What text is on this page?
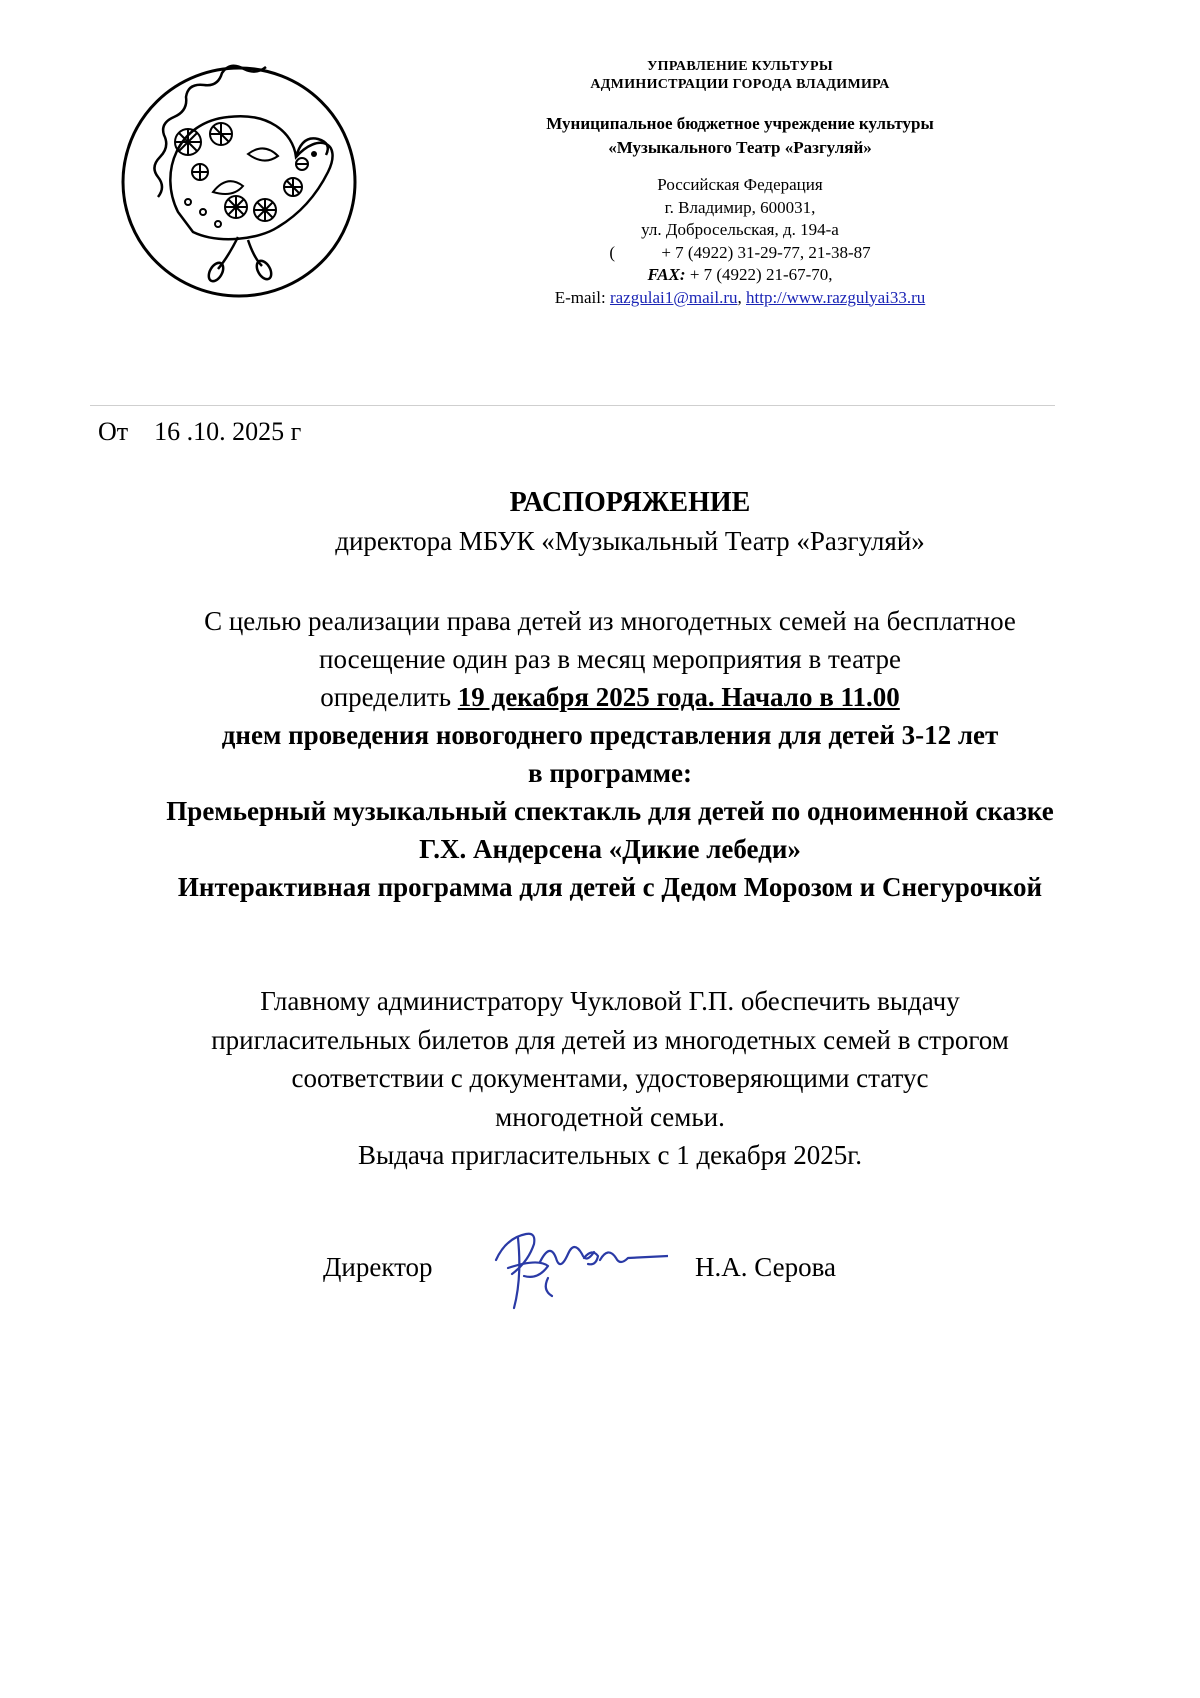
УПРАВЛЕНИЕ КУЛЬТУРЫ

АДМИНИСТРАЦИИ ГОРОДА ВЛАДИМИРА

Муниципальное бюджетное учреждение культуры

«Музыкального Театр «Разгуляй»

Российская Федерация

г. Владимир, 600031,

ул. Добросельская, д. 194-а

(	+ 7 (4922) 31-29-77, 21-38-87

FAX: + 7 (4922) 21-67-70,

E-mail: razgulai1@mail.ru, http://www.razgulyai33.ru

От    16 .10. 2025 г
РАСПОРЯЖЕНИЕ
директора МБУК «Музыкальный Театр «Разгуляй»
С целью реализации права детей из многодетных семей на бесплатное
посещение один раз в месяц мероприятия в театре
определить 19 декабря 2025 года. Начало в 11.00
днем проведения новогоднего представления для детей 3-12 лет
в программе:
Премьерный музыкальный спектакль для детей по одноименной сказке
Г.Х. Андерсена «Дикие лебеди»
Интерактивная программа для детей с Дедом Морозом и Снегурочкой
Главному администратору Чукловой Г.П. обеспечить выдачу
пригласительных билетов для детей из многодетных семей в строгом
соответствии с документами, удостоверяющими статус
многодетной семьи.
Выдача пригласительных с 1 декабря 2025г.
Директор	Н.А. Серова
